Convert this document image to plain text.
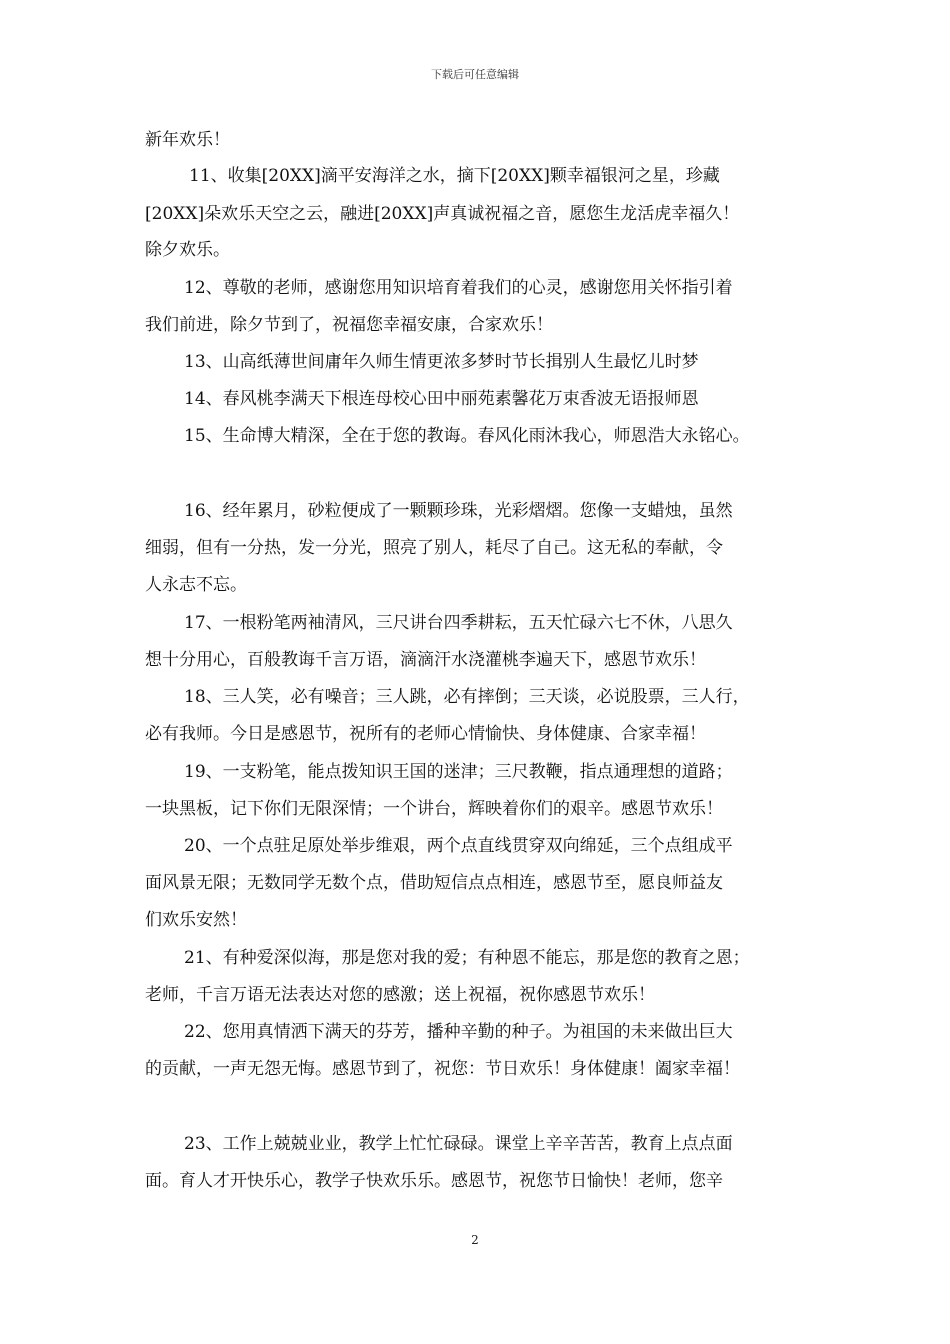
下载后可任意编辑
新年欢乐！
11、收集[20XX]滴平安海洋之水，摘下[20XX]颗幸福银河之星，珍藏
[20XX]朵欢乐天空之云，融进[20XX]声真诚祝福之音，愿您生龙活虎幸福久！
除夕欢乐。
12、尊敬的老师，感谢您用知识培育着我们的心灵，感谢您用关怀指引着
我们前进，除夕节到了，祝福您幸福安康，合家欢乐！
13、山高纸薄世间庸年久师生情更浓多梦时节长揖别人生最忆儿时梦
14、春风桃李满天下根连母校心田中丽苑素馨花万束香波无语报师恩
15、生命博大精深，全在于您的教诲。春风化雨沐我心，师恩浩大永铭心。
16、经年累月，砂粒便成了一颗颗珍珠，光彩熠熠。您像一支蜡烛，虽然
细弱，但有一分热，发一分光，照亮了别人，耗尽了自己。这无私的奉献，令
人永志不忘。
17、一根粉笔两袖清风，三尺讲台四季耕耘，五天忙碌六七不休，八思久
想十分用心，百般教诲千言万语，滴滴汗水浇灌桃李遍天下，感恩节欢乐！
18、三人笑，必有噪音；三人跳，必有摔倒；三天谈，必说股票，三人行，
必有我师。今日是感恩节，祝所有的老师心情愉快、身体健康、合家幸福！
19、一支粉笔，能点拨知识王国的迷津；三尺教鞭，指点通理想的道路；
一块黑板，记下你们无限深情；一个讲台，辉映着你们的艰辛。感恩节欢乐！
20、一个点驻足原处举步维艰，两个点直线贯穿双向绵延，三个点组成平
面风景无限；无数同学无数个点，借助短信点点相连，感恩节至，愿良师益友
们欢乐安然！
21、有种爱深似海，那是您对我的爱；有种恩不能忘，那是您的教育之恩；
老师，千言万语无法表达对您的感激；送上祝福，祝你感恩节欢乐！
22、您用真情洒下满天的芬芳，播种辛勤的种子。为祖国的未来做出巨大
的贡献，一声无怨无悔。感恩节到了，祝您：节日欢乐！身体健康！阖家幸福！
23、工作上兢兢业业，教学上忙忙碌碌。课堂上辛辛苦苦，教育上点点面
面。育人才开快乐心，教学子快欢乐乐。感恩节，祝您节日愉快！老师，您辛
2
